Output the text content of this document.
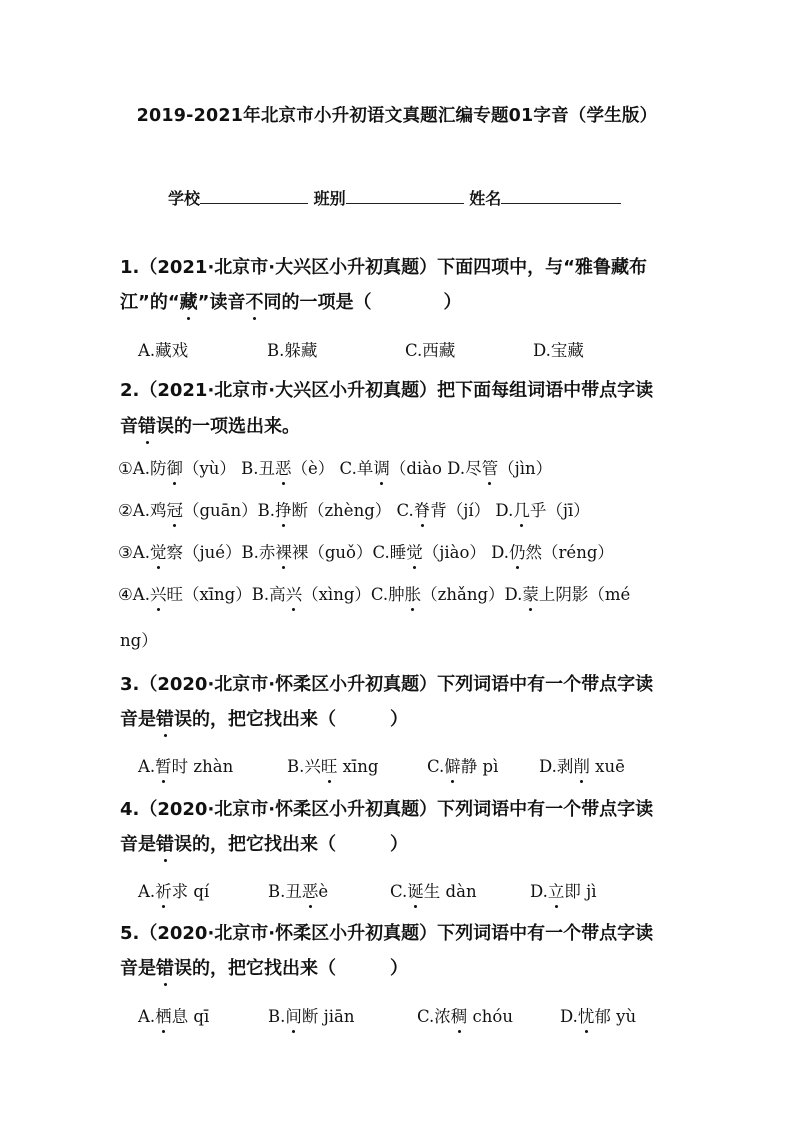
2019-2021年北京市小升初语文真题汇编专题01字音（学生版）
学校	班别	姓名
1.（2021·北京市·大兴区小升初真题）下面四项中，与“雅鲁藏布
江”的“藏”读音不同的一项是（　　　　）
A.藏戏	B.躲藏	C.西藏	D.宝藏
2.（2021·北京市·大兴区小升初真题）把下面每组词语中带点字读
音错误的一项选出来。
①A.防御（yù） B.丑恶（è） C.单调（diào D.尽管（jìn）
②A.鸡冠（guān）B.挣断（zhèng） C.脊背（jí） D.几乎（jī）
③A.觉察（jué）B.赤裸裸（guǒ）C.睡觉（jiào） D.仍然（réng）
④A.兴旺（xīng）B.高兴（xìng）C.肿胀（zhǎng）D.蒙上阴影（mé
ng）
3.（2020·北京市·怀柔区小升初真题）下列词语中有一个带点字读
音是错误的，把它找出来（　　　）
A.暂时 zhàn	B.兴旺 xīng	C.僻静 pì D.剥削 xuē
4.（2020·北京市·怀柔区小升初真题）下列词语中有一个带点字读
音是错误的，把它找出来（　　　）
A.祈求 qí	B.丑恶è	C.诞生 dàn	D.立即 jì
5.（2020·北京市·怀柔区小升初真题）下列词语中有一个带点字读
音是错误的，把它找出来（　　　）
A.栖息 qī	B.间断 jiān	C.浓稠 chóu	D.忧郁 yù
